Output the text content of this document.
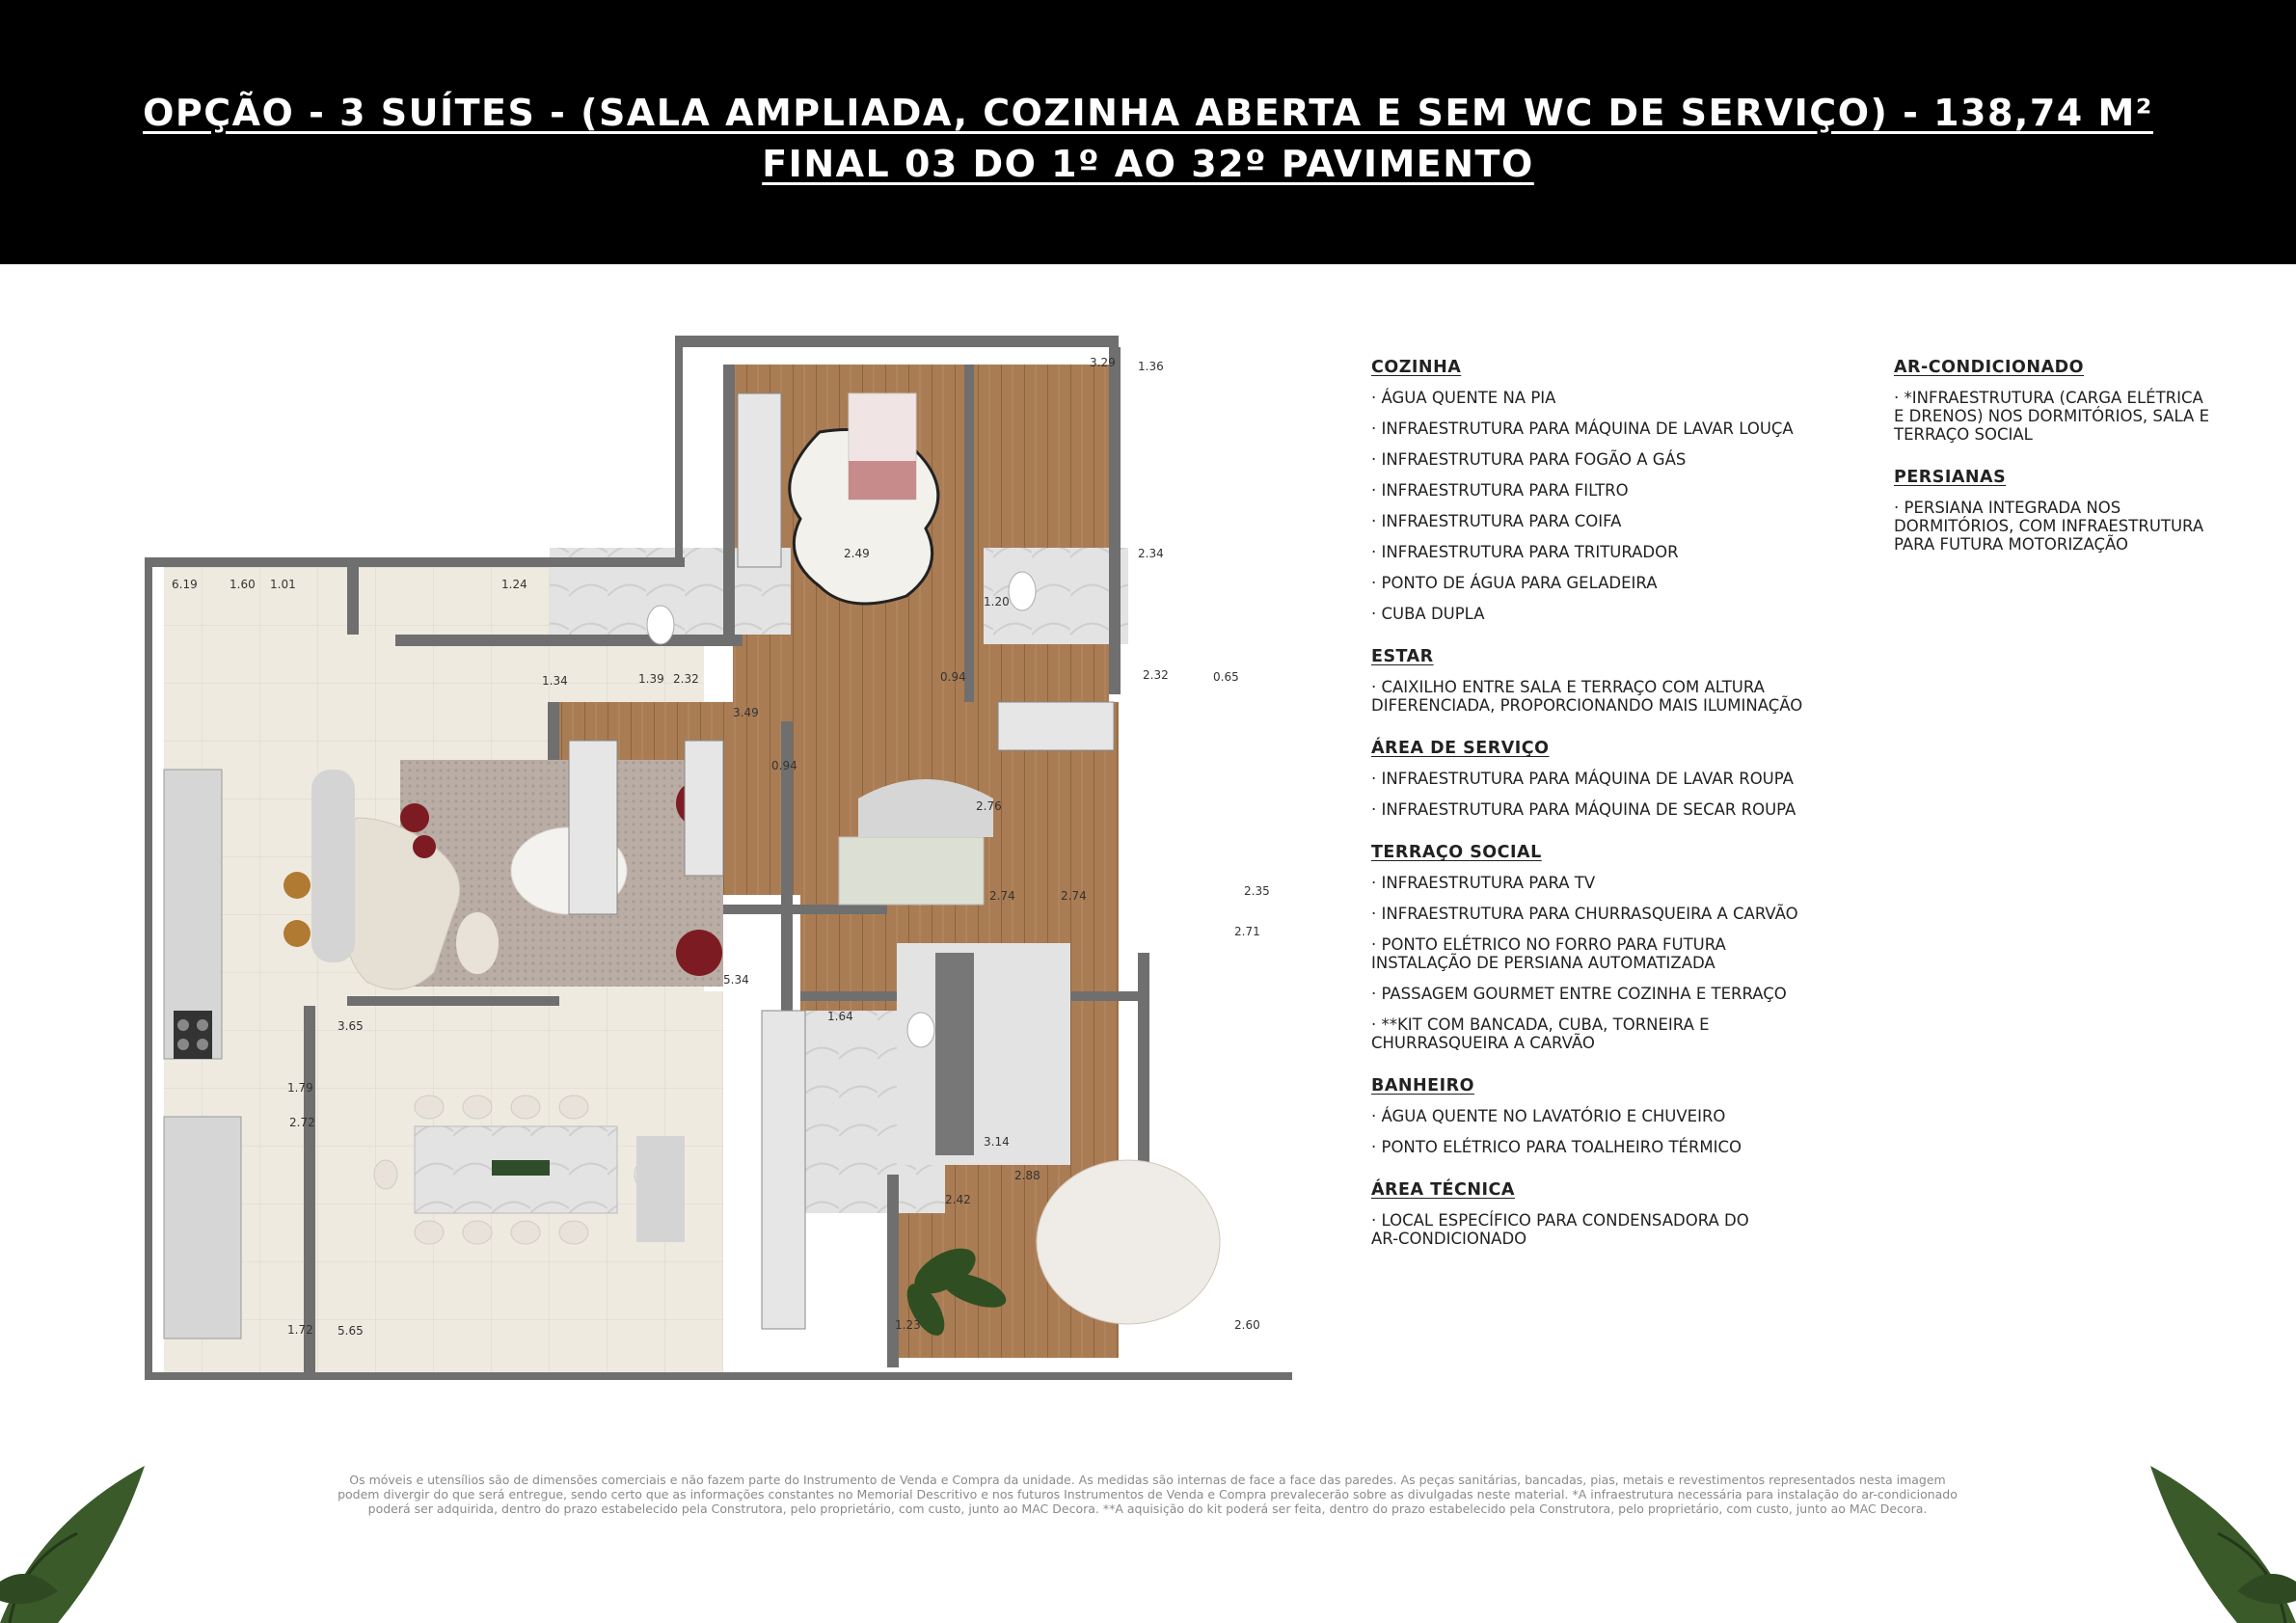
OPÇÃO - 3 SUÍTES - (SALA AMPLIADA, COZINHA ABERTA E SEM WC DE SERVIÇO) - 138,74 M²
FINAL 03 DO 1º AO 32º PAVIMENTO
6.19	1.60 1.01	1.24
1.34	1.39 2.32
2.49
3.29 1.36
2.34
0.94
1.20
2.32	0.65
3.49
0.94
2.76
2.74	2.74	2.35
2.71
5.34
3.65
1.64
1.79
2.72
3.14
2.42
2.88
1.72 5.65	1.23	2.60
COZINHA
· ÁGUA QUENTE NA PIA
· INFRAESTRUTURA PARA MÁQUINA DE LAVAR LOUÇA
· INFRAESTRUTURA PARA FOGÃO A GÁS
· INFRAESTRUTURA PARA FILTRO
· INFRAESTRUTURA PARA COIFA
· INFRAESTRUTURA PARA TRITURADOR
· PONTO DE ÁGUA PARA GELADEIRA
· CUBA DUPLA
ESTAR
· CAIXILHO ENTRE SALA E TERRAÇO COM ALTURA
DIFERENCIADA, PROPORCIONANDO MAIS ILUMINAÇÃO
ÁREA DE SERVIÇO
· INFRAESTRUTURA PARA MÁQUINA DE LAVAR ROUPA
· INFRAESTRUTURA PARA MÁQUINA DE SECAR ROUPA
TERRAÇO SOCIAL
· INFRAESTRUTURA PARA TV
· INFRAESTRUTURA PARA CHURRASQUEIRA A CARVÃO
· PONTO ELÉTRICO NO FORRO PARA FUTURA
INSTALAÇÃO DE PERSIANA AUTOMATIZADA
· PASSAGEM GOURMET ENTRE COZINHA E TERRAÇO
· **KIT COM BANCADA, CUBA, TORNEIRA E
CHURRASQUEIRA A CARVÃO
BANHEIRO
· ÁGUA QUENTE NO LAVATÓRIO E CHUVEIRO
· PONTO ELÉTRICO PARA TOALHEIRO TÉRMICO
ÁREA TÉCNICA
· LOCAL ESPECÍFICO PARA CONDENSADORA DO
AR-CONDICIONADO
AR-CONDICIONADO
· *INFRAESTRUTURA (CARGA ELÉTRICA
E DRENOS) NOS DORMITÓRIOS, SALA E
TERRAÇO SOCIAL
PERSIANAS
· PERSIANA INTEGRADA NOS
DORMITÓRIOS, COM INFRAESTRUTURA
PARA FUTURA MOTORIZAÇÃO
Os móveis e utensílios são de dimensões comerciais e não fazem parte do Instrumento de Venda e Compra da unidade. As medidas são internas de face a face das paredes. As peças sanitárias, bancadas, pias, metais e revestimentos representados nesta imagem podem divergir do que será entregue, sendo certo que as informações constantes no Memorial Descritivo e nos futuros Instrumentos de Venda e Compra prevalecerão sobre as divulgadas neste material. *A infraestrutura necessária para instalação do ar-condicionado poderá ser adquirida, dentro do prazo estabelecido pela Construtora, pelo proprietário, com custo, junto ao MAC Decora. **A aquisição do kit poderá ser feita, dentro do prazo estabelecido pela Construtora, pelo proprietário, com custo, junto ao MAC Decora.
